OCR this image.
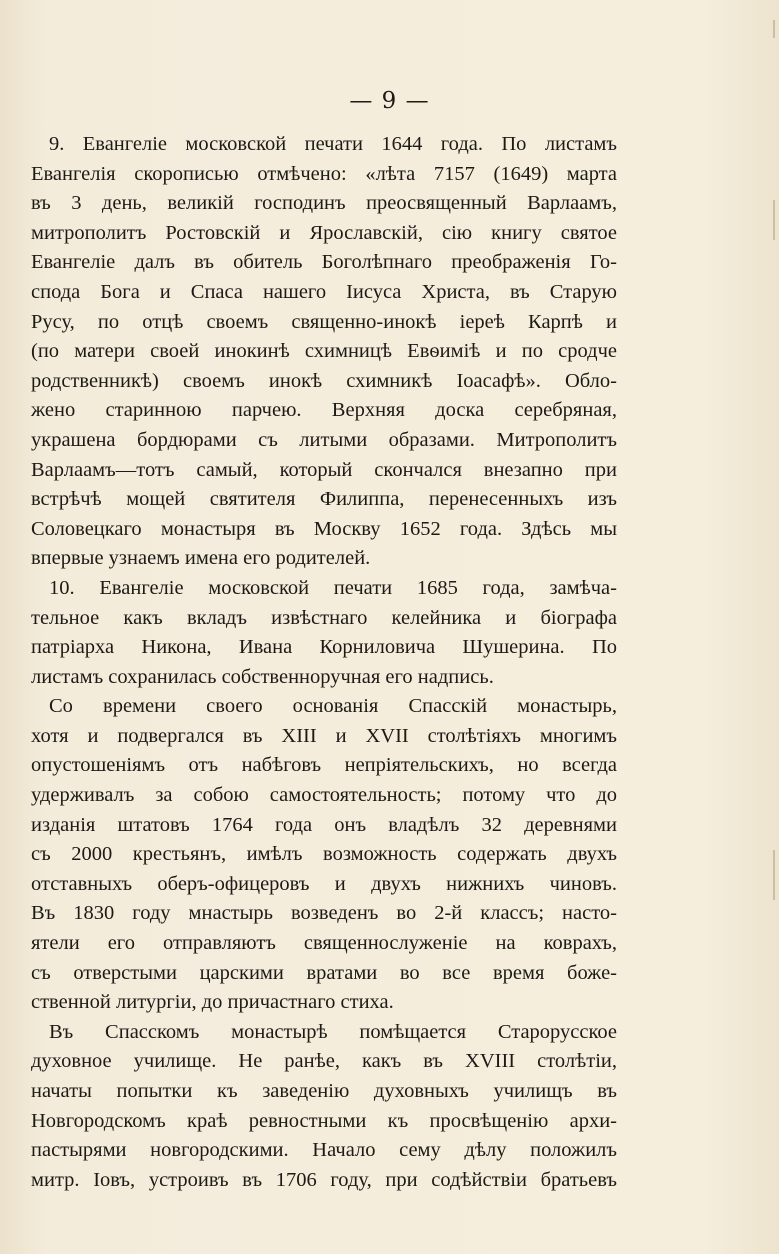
— 9 —
9. Евангеліе московской печати 1644 года. По листамъ
Евангелія скорописью отмѣчено: «лѣта 7157 (1649) марта
въ 3 день, великій господинъ преосвященный Варлаамъ,
митрополитъ Ростовскій и Ярославскій, сію книгу святое
Евангеліе далъ въ обитель Боголѣпнаго преображенія Го-
спода Бога и Спаса нашего Іисуса Христа, въ Старую
Русу, по отцѣ своемъ священно-инокѣ іереѣ Карпѣ и
(по матери своей инокинѣ схимницѣ Евѳиміѣ и по сродче
родственникѣ) своемъ инокѣ схимникѣ Іоасафѣ». Обло-
жено старинною парчею. Верхняя доска серебряная,
украшена бордюрами съ литыми образами. Митрополитъ
Варлаамъ—тотъ самый, который скончался внезапно при
встрѣчѣ мощей святителя Филиппа, перенесенныхъ изъ
Соловецкаго монастыря въ Москву 1652 года. Здѣсь мы
впервые узнаемъ имена его родителей.
10. Евангеліе московской печати 1685 года, замѣча-
тельное какъ вкладъ извѣстнаго келейника и біографа
патріарха Никона, Ивана Корниловича Шушерина. По
листамъ сохранилась собственноручная его надпись.
Со времени своего основанія Спасскій монастырь,
хотя и подвергался въ XIII и XVII столѣтіяхъ многимъ
опустошеніямъ отъ набѣговъ непріятельскихъ, но всегда
удерживалъ за собою самостоятельность; потому что до
изданія штатовъ 1764 года онъ владѣлъ 32 деревнями
съ 2000 крестьянъ, имѣлъ возможность содержать двухъ
отставныхъ оберъ-офицеровъ и двухъ нижнихъ чиновъ.
Въ 1830 году мнастырь возведенъ во 2-й классъ; насто-
ятели его отправляютъ священнослуженіе на коврахъ,
съ отверстыми царскими вратами во все время боже-
ственной литургіи, до причастнаго стиха.
Въ Спасскомъ монастырѣ помѣщается Старорусское
духовное училище. Не ранѣе, какъ въ XVIII столѣтіи,
начаты попытки къ заведенію духовныхъ училищъ въ
Новгородскомъ краѣ ревностными къ просвѣщенію архи-
пастырями новгородскими. Начало сему дѣлу положилъ
митр. Іовъ, устроивъ въ 1706 году, при содѣйствіи братьевъ
